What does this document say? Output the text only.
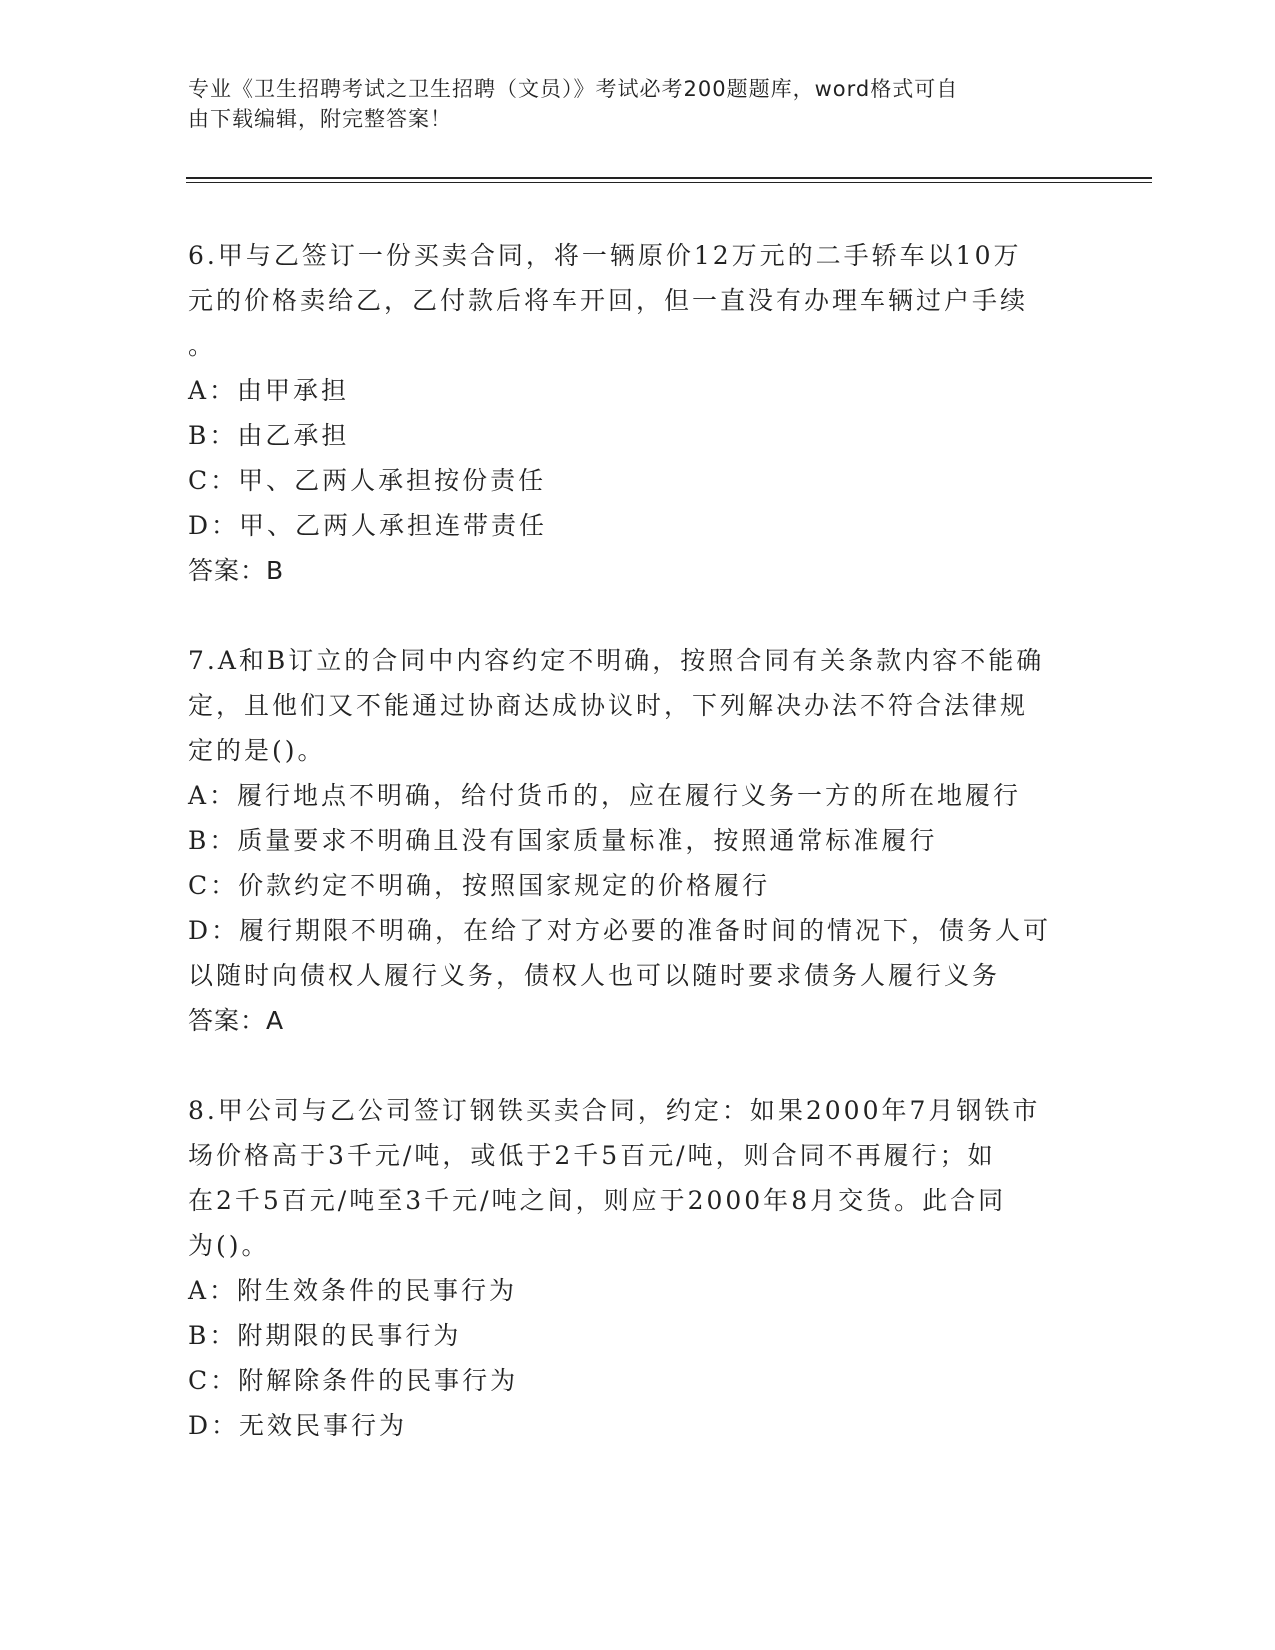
专业《卫生招聘考试之卫生招聘（文员）》考试必考200题题库，word格式可自
由下载编辑，附完整答案！
6.甲与乙签订一份买卖合同，将一辆原价12万元的二手轿车以10万
元的价格卖给乙，乙付款后将车开回，但一直没有办理车辆过户手续
。
A：由甲承担
B：由乙承担
C：甲、乙两人承担按份责任
D：甲、乙两人承担连带责任
答案：B
7.A和B订立的合同中内容约定不明确，按照合同有关条款内容不能确
定，且他们又不能通过协商达成协议时，下列解决办法不符合法律规
定的是()。
A：履行地点不明确，给付货币的，应在履行义务一方的所在地履行
B：质量要求不明确且没有国家质量标准，按照通常标准履行
C：价款约定不明确，按照国家规定的价格履行
D：履行期限不明确，在给了对方必要的准备时间的情况下，债务人可
以随时向债权人履行义务，债权人也可以随时要求债务人履行义务
答案：A
8.甲公司与乙公司签订钢铁买卖合同，约定：如果2000年7月钢铁市
场价格高于3千元/吨，或低于2千5百元/吨，则合同不再履行；如
在2千5百元/吨至3千元/吨之间，则应于2000年8月交货。此合同
为()。
A：附生效条件的民事行为
B：附期限的民事行为
C：附解除条件的民事行为
D：无效民事行为
